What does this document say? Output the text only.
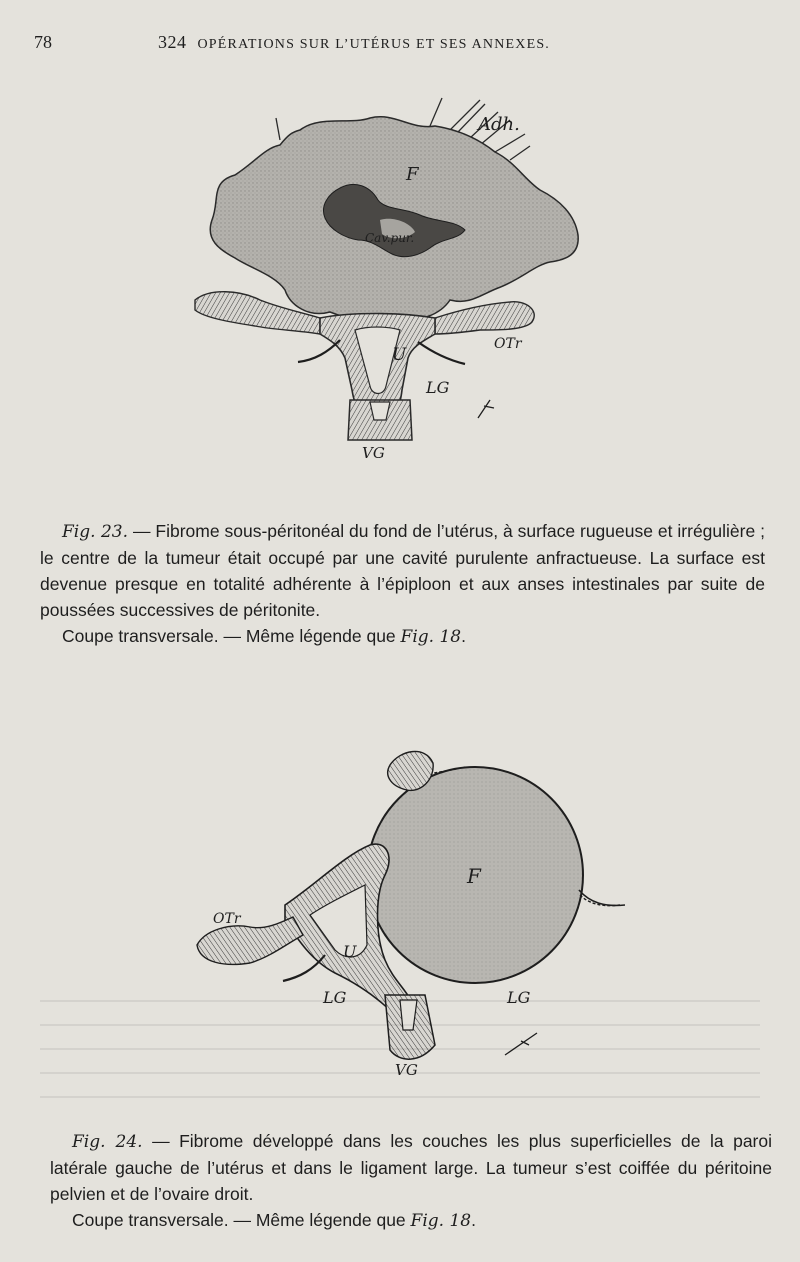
78	324 OPÉRATIONS SUR L’UTÉRUS ET SES ANNEXES.
Adh.
F
Cav.pur.
U
OTr
LG
VG

Fig. 23. — Fibrome sous-péritonéal du fond de l’utérus, à surface rugueuse et irrégulière ; le centre de la tumeur était occupé par une cavité purulente anfractueuse. La surface est devenue presque en totalité adhérente à l’épiploon et aux anses intestinales par suite de poussées successives de péritonite.

Coupe transversale. — Même légende que Fig. 18.

F
OTr
U
LG	LG
VG

Fig. 24. — Fibrome développé dans les couches les plus superficielles de la paroi latérale gauche de l’utérus et dans le ligament large. La tumeur s’est coiffée du péritoine pelvien et de l’ovaire droit.

Coupe transversale. — Même légende que Fig. 18.
